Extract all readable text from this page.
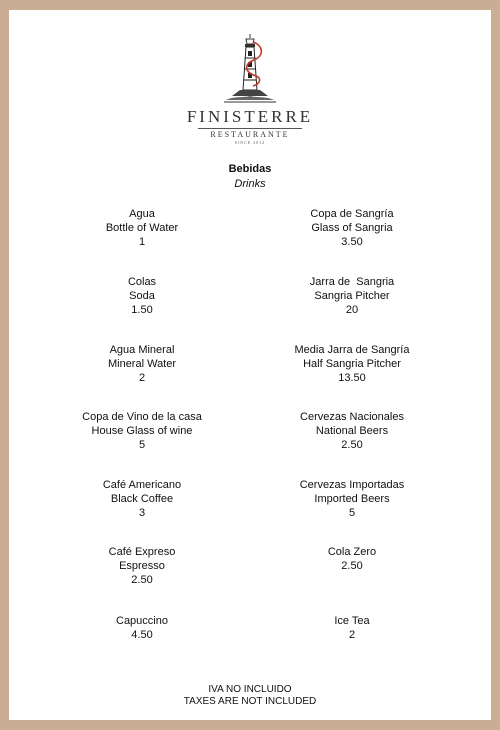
FINISTERRE
RESTAURANTE
SINCE 2012
Bebidas
Drinks
Agua
Bottle of Water
1
Colas
Soda
1.50
Agua Mineral
Mineral Water
2
Copa de Vino de la casa
House Glass of wine
5
Café Americano
Black Coffee
3
Café Expreso
Espresso
2.50
Capuccino
4.50
Copa de Sangría
Glass of Sangria
3.50
Jarra de  Sangria
Sangria Pitcher
20
Media Jarra de Sangría
Half Sangria Pitcher
13.50
Cervezas Nacionales
National Beers
2.50
Cervezas Importadas
Imported Beers
5
Cola Zero
2.50
Ice Tea
2
IVA NO INCLUIDO
TAXES ARE NOT INCLUDED
